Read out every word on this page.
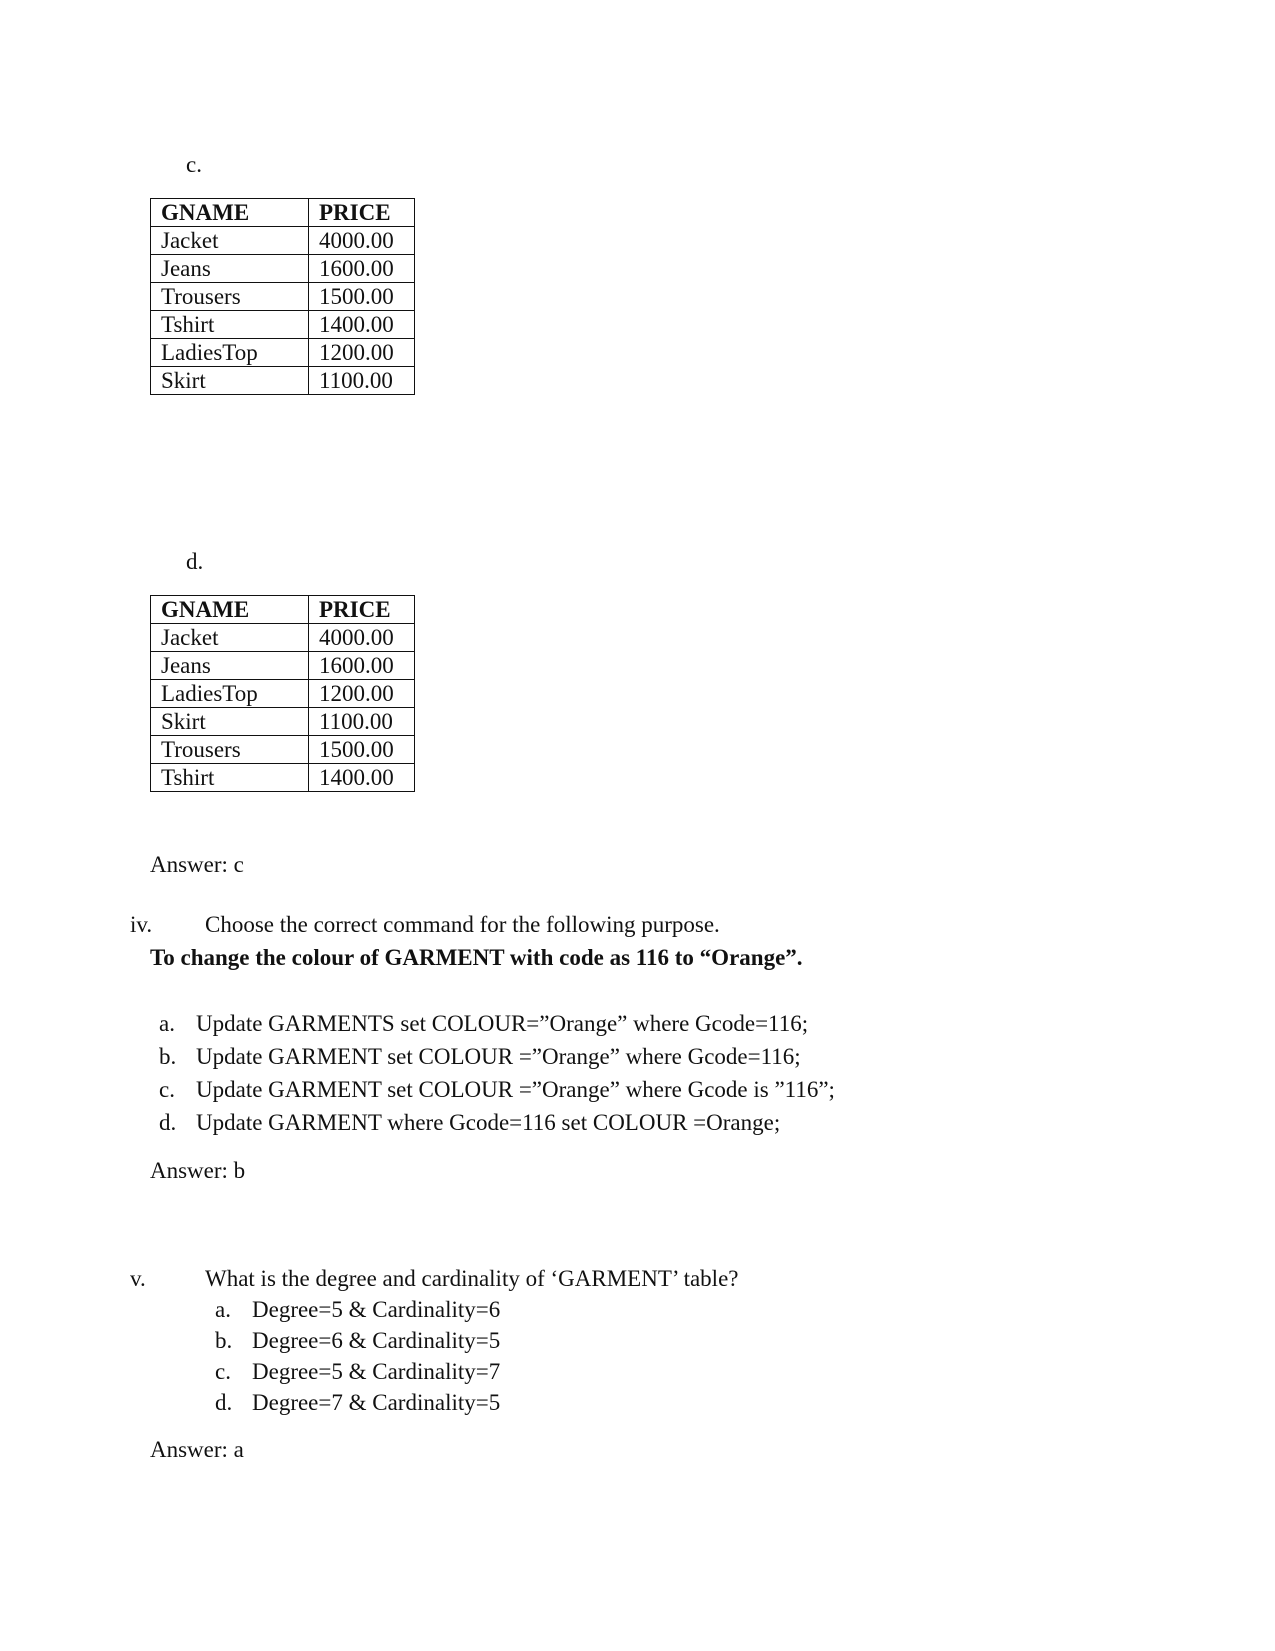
c.
GNAME	PRICE
Jacket	4000.00
Jeans	1600.00
Trousers	1500.00
Tshirt	1400.00
LadiesTop	1200.00
Skirt	1100.00
d.
GNAME	PRICE
Jacket	4000.00
Jeans	1600.00
LadiesTop	1200.00
Skirt	1100.00
Trousers	1500.00
Tshirt	1400.00
Answer: c
iv. Choose the correct command for the following purpose.
To change the colour of GARMENT with code as 116 to “Orange”.
a. Update GARMENTS set COLOUR=”Orange” where Gcode=116;
b. Update GARMENT set COLOUR =”Orange” where Gcode=116;
c. Update GARMENT set COLOUR =”Orange” where Gcode is ”116”;
d. Update GARMENT where Gcode=116 set COLOUR =Orange;
Answer: b
v.	What is the degree and cardinality of ‘GARMENT’ table?
a. Degree=5 & Cardinality=6
b. Degree=6 & Cardinality=5
c. Degree=5 & Cardinality=7
d. Degree=7 & Cardinality=5
Answer: a
